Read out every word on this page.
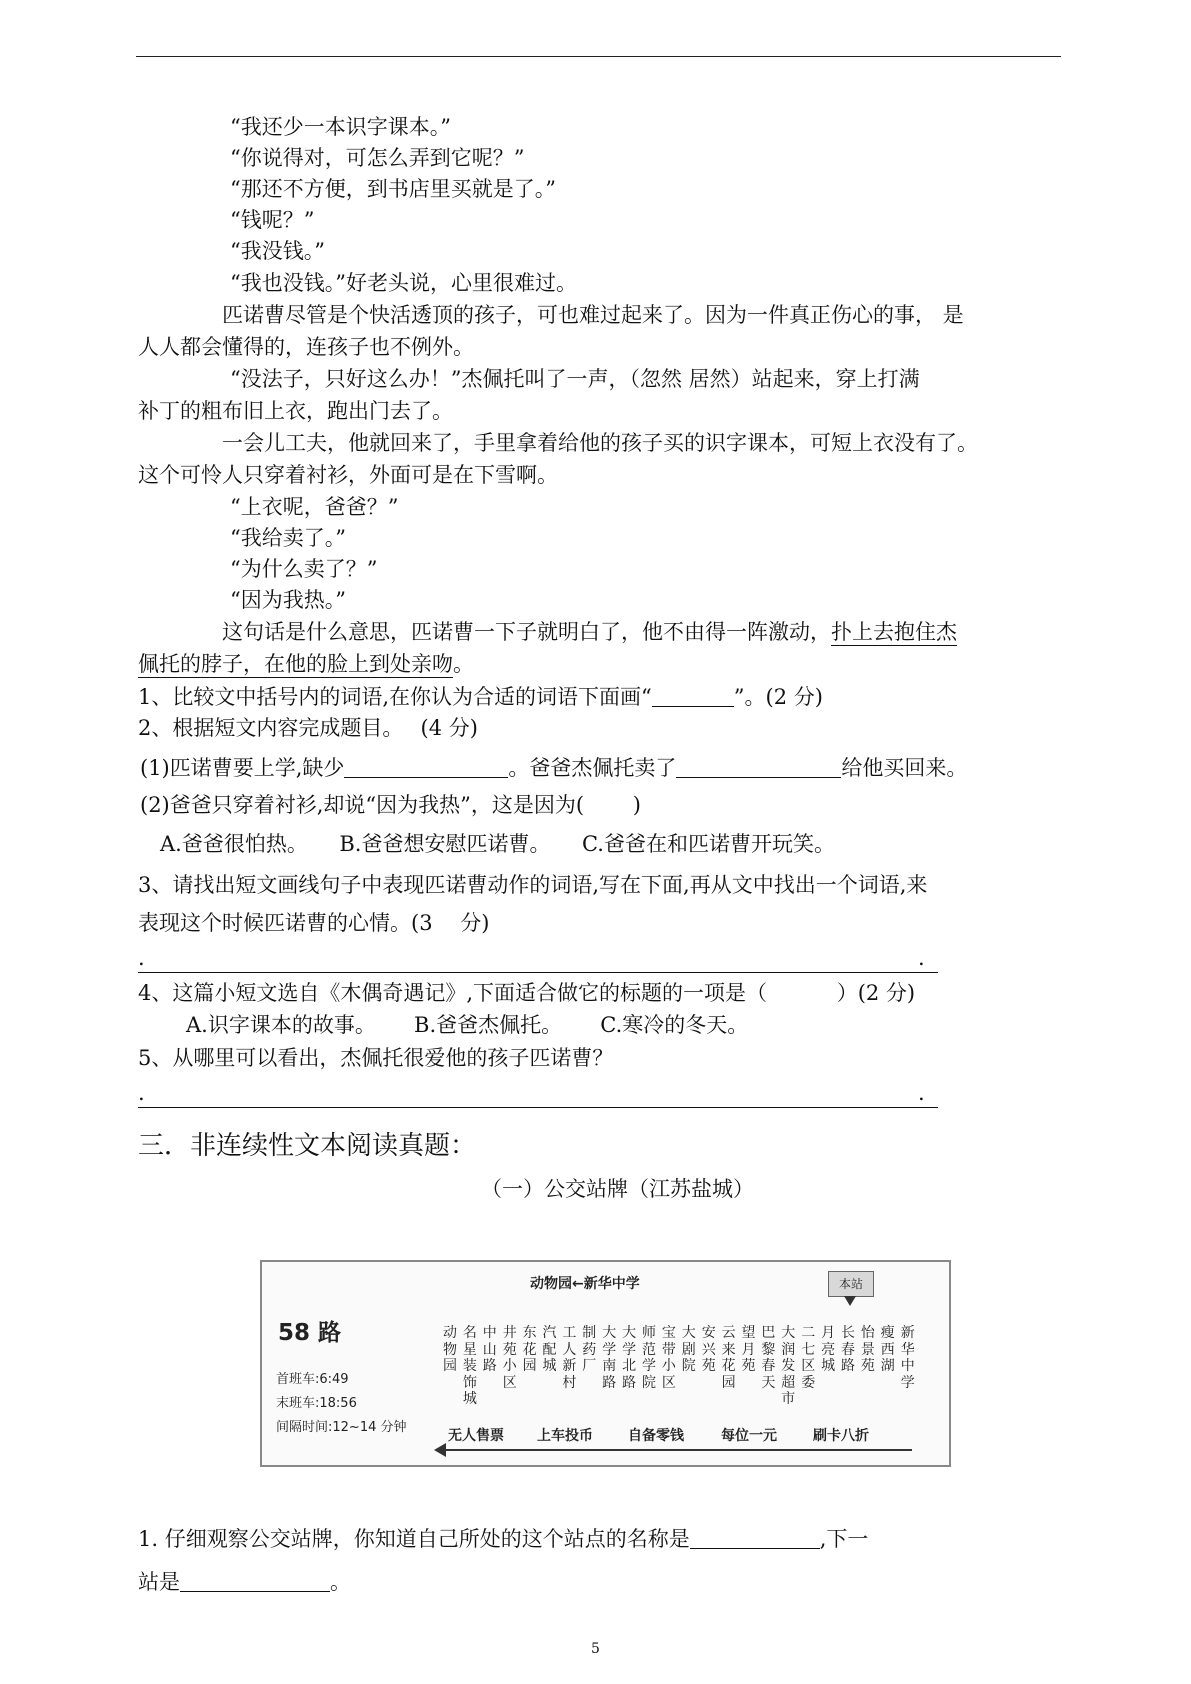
“我还少一本识字课本。”
“你说得对，可怎么弄到它呢？”
“那还不方便，到书店里买就是了。”
“钱呢？”
“我没钱。”
“我也没钱。”好老头说，心里很难过。
匹诺曹尽管是个快活透顶的孩子，可也难过起来了。因为一件真正伤心的事， 是
人人都会懂得的，连孩子也不例外。
“没法子，只好这么办！”杰佩托叫了一声，（忽然 居然）站起来，穿上打满
补丁的粗布旧上衣，跑出门去了。
一会儿工夫，他就回来了，手里拿着给他的孩子买的识字课本，可短上衣没有了。
这个可怜人只穿着衬衫，外面可是在下雪啊。
“上衣呢，爸爸？”
“我给卖了。”
“为什么卖了？”
“因为我热。”
这句话是什么意思，匹诺曹一下子就明白了，他不由得一阵激动，扑上去抱住杰
佩托的脖子，在他的脸上到处亲吻。
1、比较文中括号内的词语,在你认为合适的词语下面画“	”。(2 分)
2、根据短文内容完成题目。　 (4 分)
(1)匹诺曹要上学,缺少	。爸爸杰佩托卖了	给他买回来。
(2)爸爸只穿着衬衫,却说“因为我热”，这是因为(　　 )
A.爸爸很怕热。　　B.爸爸想安慰匹诺曹。　　C.爸爸在和匹诺曹开玩笑。
3、请找出短文画线句子中表现匹诺曹动作的词语,写在下面,再从文中找出一个词语,来
表现这个时候匹诺曹的心情。(3　 分)
.	.
4、这篇小短文选自《木偶奇遇记》,下面适合做它的标题的一项是（　　　 ）(2 分)
A.识字课本的故事。　　 B.爸爸杰佩托。　　 C.寒冷的冬天。
5、从哪里可以看出，杰佩托很爱他的孩子匹诺曹？
.	.
三．非连续性文本阅读真题：
（一）公交站牌（江苏盐城）
动物园←新华中学	本站
58 路
首班车:6:49
末班车:18:56
间隔时间:12~14 分钟
动物园
名星装饰城
中山路
井苑小区
东花园
汽配城
工人新村
制药厂
大学南路
大学北路
师范学院
宝带小区
大剧院
安兴苑
云来花园
望月苑
巴黎春天
大润发超市
二七区委
月亮城
长春路
怡景苑
瘦西湖
新华中学
无人售票 上车投币	自备零钱	每位一元	刷卡八折
1. 仔细观察公交站牌，你知道自己所处的这个站点的名称是	,下一
站是	。
5
